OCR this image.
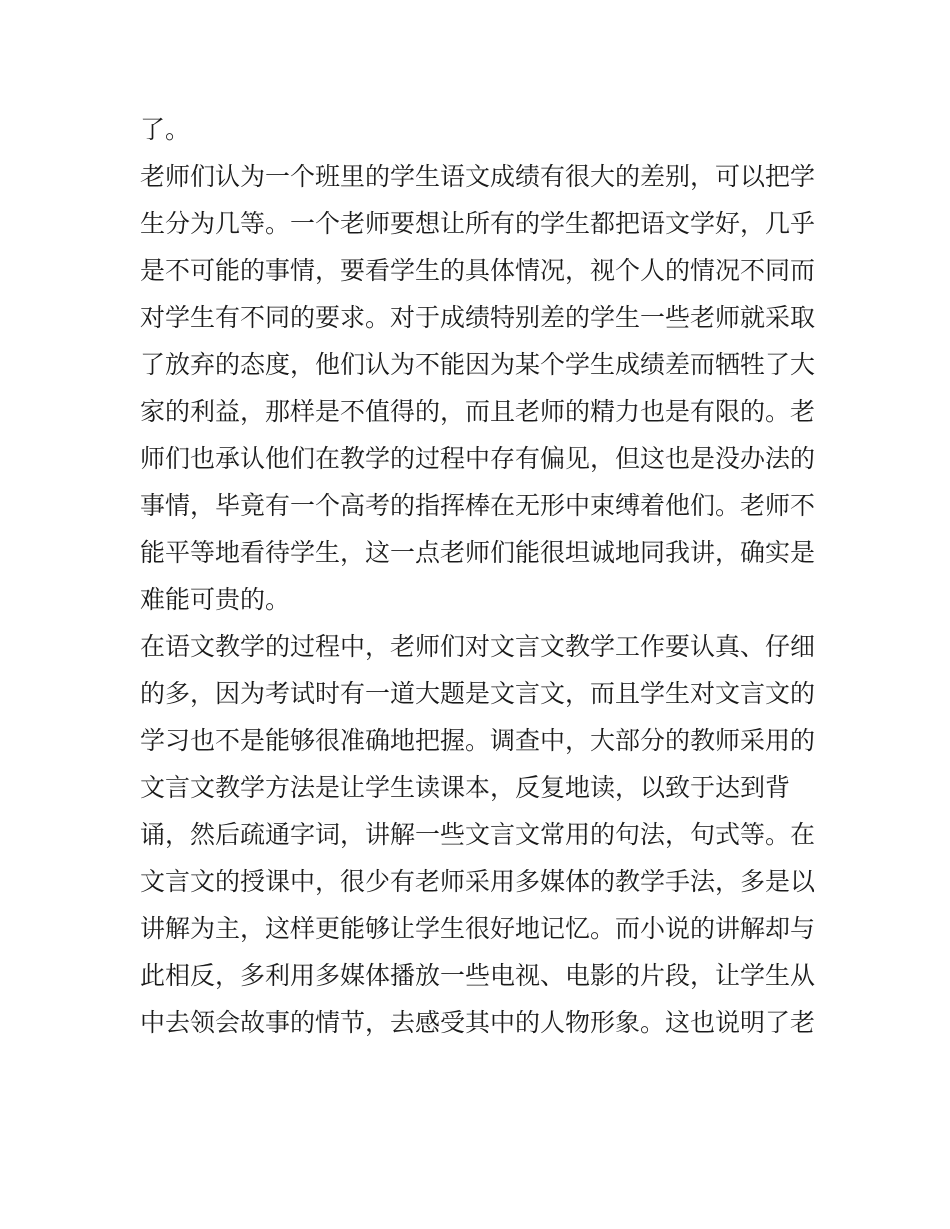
了。
老师们认为一个班里的学生语文成绩有很大的差别，可以把学
生分为几等。一个老师要想让所有的学生都把语文学好，几乎
是不可能的事情，要看学生的具体情况，视个人的情况不同而
对学生有不同的要求。对于成绩特别差的学生一些老师就采取
了放弃的态度，他们认为不能因为某个学生成绩差而牺牲了大
家的利益，那样是不值得的，而且老师的精力也是有限的。老
师们也承认他们在教学的过程中存有偏见，但这也是没办法的
事情，毕竟有一个高考的指挥棒在无形中束缚着他们。老师不
能平等地看待学生，这一点老师们能很坦诚地同我讲，确实是
难能可贵的。
在语文教学的过程中，老师们对文言文教学工作要认真、仔细
的多，因为考试时有一道大题是文言文，而且学生对文言文的
学习也不是能够很准确地把握。调查中，大部分的教师采用的
文言文教学方法是让学生读课本，反复地读，以致于达到背
诵，然后疏通字词，讲解一些文言文常用的句法，句式等。在
文言文的授课中，很少有老师采用多媒体的教学手法，多是以
讲解为主，这样更能够让学生很好地记忆。而小说的讲解却与
此相反，多利用多媒体播放一些电视、电影的片段，让学生从
中去领会故事的情节，去感受其中的人物形象。这也说明了老
